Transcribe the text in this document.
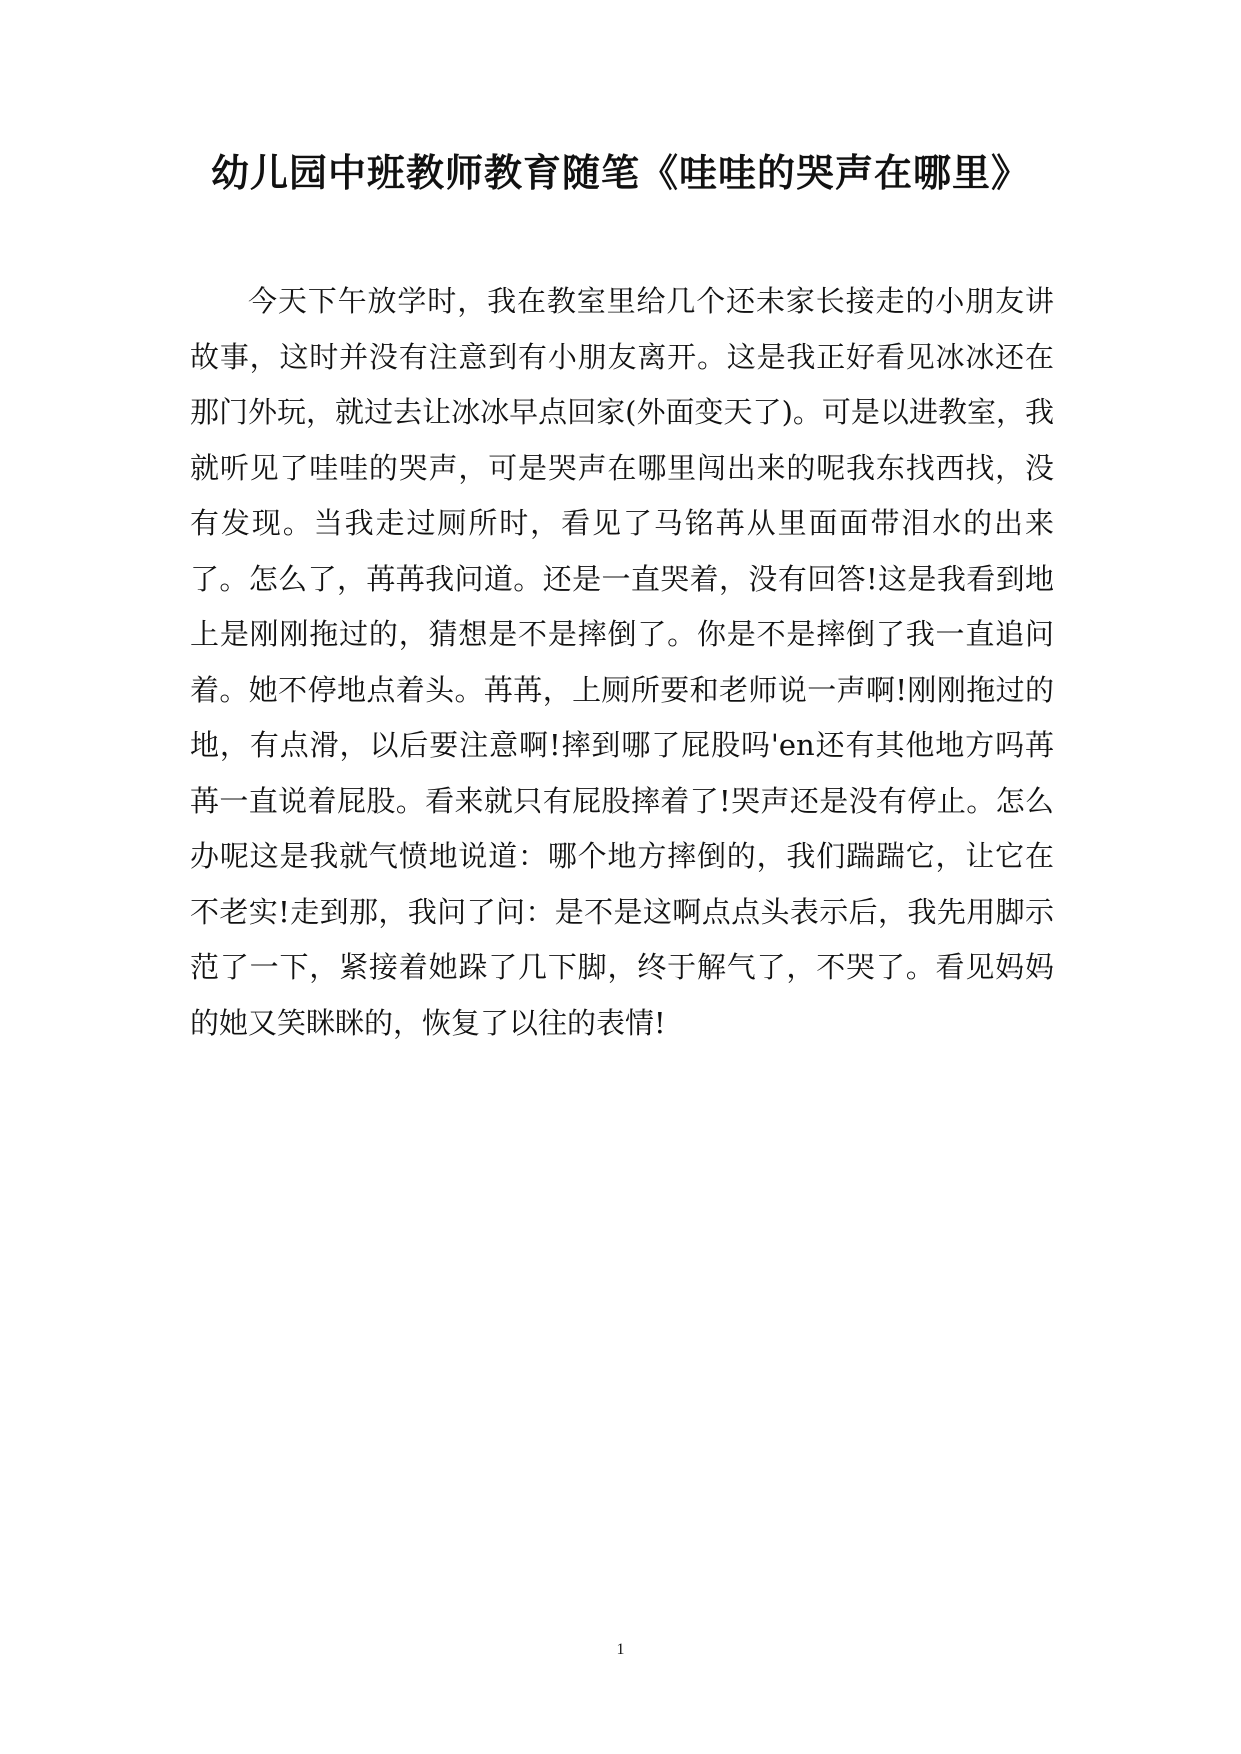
幼儿园中班教师教育随笔《哇哇的哭声在哪里》

今天下午放学时，我在教室里给几个还未家长接走的小朋友讲故事，这时并没有注意到有小朋友离开。这是我正好看见冰冰还在那门外玩，就过去让冰冰早点回家(外面变天了)。可是以进教室，我就听见了哇哇的哭声，可是哭声在哪里闯出来的呢我东找西找，没有发现。当我走过厕所时，看见了马铭苒从里面面带泪水的出来了。怎么了，苒苒我问道。还是一直哭着，没有回答!这是我看到地上是刚刚拖过的，猜想是不是摔倒了。你是不是摔倒了我一直追问着。她不停地点着头。苒苒，上厕所要和老师说一声啊!刚刚拖过的地，有点滑，以后要注意啊!摔到哪了屁股吗'en还有其他地方吗苒苒一直说着屁股。看来就只有屁股摔着了!哭声还是没有停止。怎么办呢这是我就气愤地说道：哪个地方摔倒的，我们踹踹它，让它在不老实!走到那，我问了问：是不是这啊点点头表示后，我先用脚示范了一下，紧接着她跺了几下脚，终于解气了，不哭了。看见妈妈的她又笑眯眯的，恢复了以往的表情!

1
